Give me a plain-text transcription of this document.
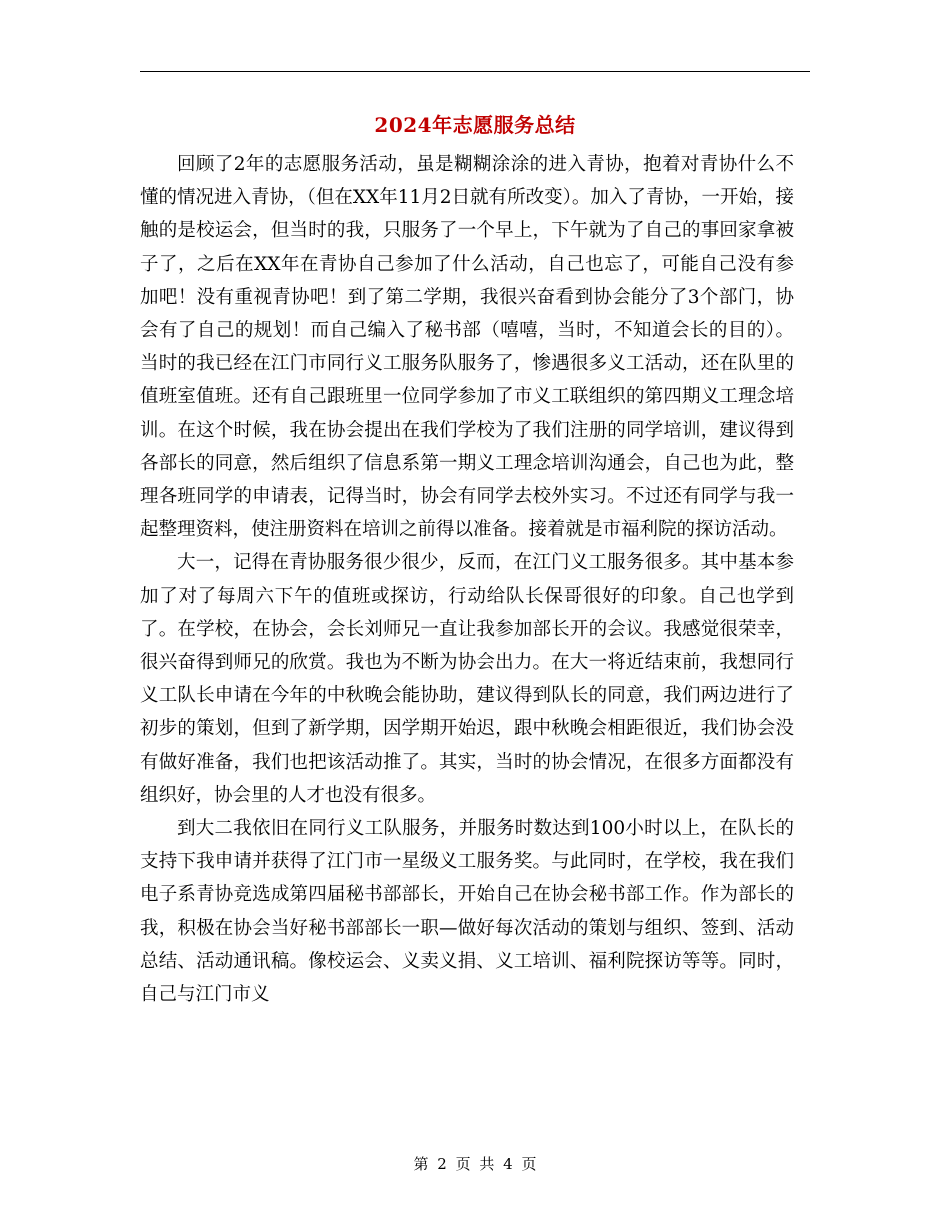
2024年志愿服务总结

回顾了2年的志愿服务活动，虽是糊糊涂涂的进入青协，抱着对青协什么不懂的情况进入青协，（但在XX年11月2日就有所改变）。加入了青协，一开始，接触的是校运会，但当时的我，只服务了一个早上，下午就为了自己的事回家拿被子了，之后在XX年在青协自己参加了什么活动，自己也忘了，可能自己没有参加吧！没有重视青协吧！到了第二学期，我很兴奋看到协会能分了3个部门，协会有了自己的规划！而自己编入了秘书部（嘻嘻，当时，不知道会长的目的）。当时的我已经在江门市同行义工服务队服务了，惨遇很多义工活动，还在队里的值班室值班。还有自己跟班里一位同学参加了市义工联组织的第四期义工理念培训。在这个时候，我在协会提出在我们学校为了我们注册的同学培训，建议得到各部长的同意，然后组织了信息系第一期义工理念培训沟通会，自己也为此，整理各班同学的申请表，记得当时，协会有同学去校外实习。不过还有同学与我一起整理资料，使注册资料在培训之前得以准备。接着就是市福利院的探访活动。

大一，记得在青协服务很少很少，反而，在江门义工服务很多。其中基本参加了对了每周六下午的值班或探访，行动给队长保哥很好的印象。自己也学到了。在学校，在协会，会长刘师兄一直让我参加部长开的会议。我感觉很荣幸，很兴奋得到师兄的欣赏。我也为不断为协会出力。在大一将近结束前，我想同行义工队长申请在今年的中秋晚会能协助，建议得到队长的同意，我们两边进行了初步的策划，但到了新学期，因学期开始迟，跟中秋晚会相距很近，我们协会没有做好准备，我们也把该活动推了。其实，当时的协会情况，在很多方面都没有组织好，协会里的人才也没有很多。

到大二我依旧在同行义工队服务，并服务时数达到100小时以上，在队长的支持下我申请并获得了江门市一星级义工服务奖。与此同时，在学校，我在我们电子系青协竞选成第四届秘书部部长，开始自己在协会秘书部工作。作为部长的我，积极在协会当好秘书部部长一职—做好每次活动的策划与组织、签到、活动总结、活动通讯稿。像校运会、义卖义捐、义工培训、福利院探访等等。同时，自己与江门市义

第 2 页 共 4 页
